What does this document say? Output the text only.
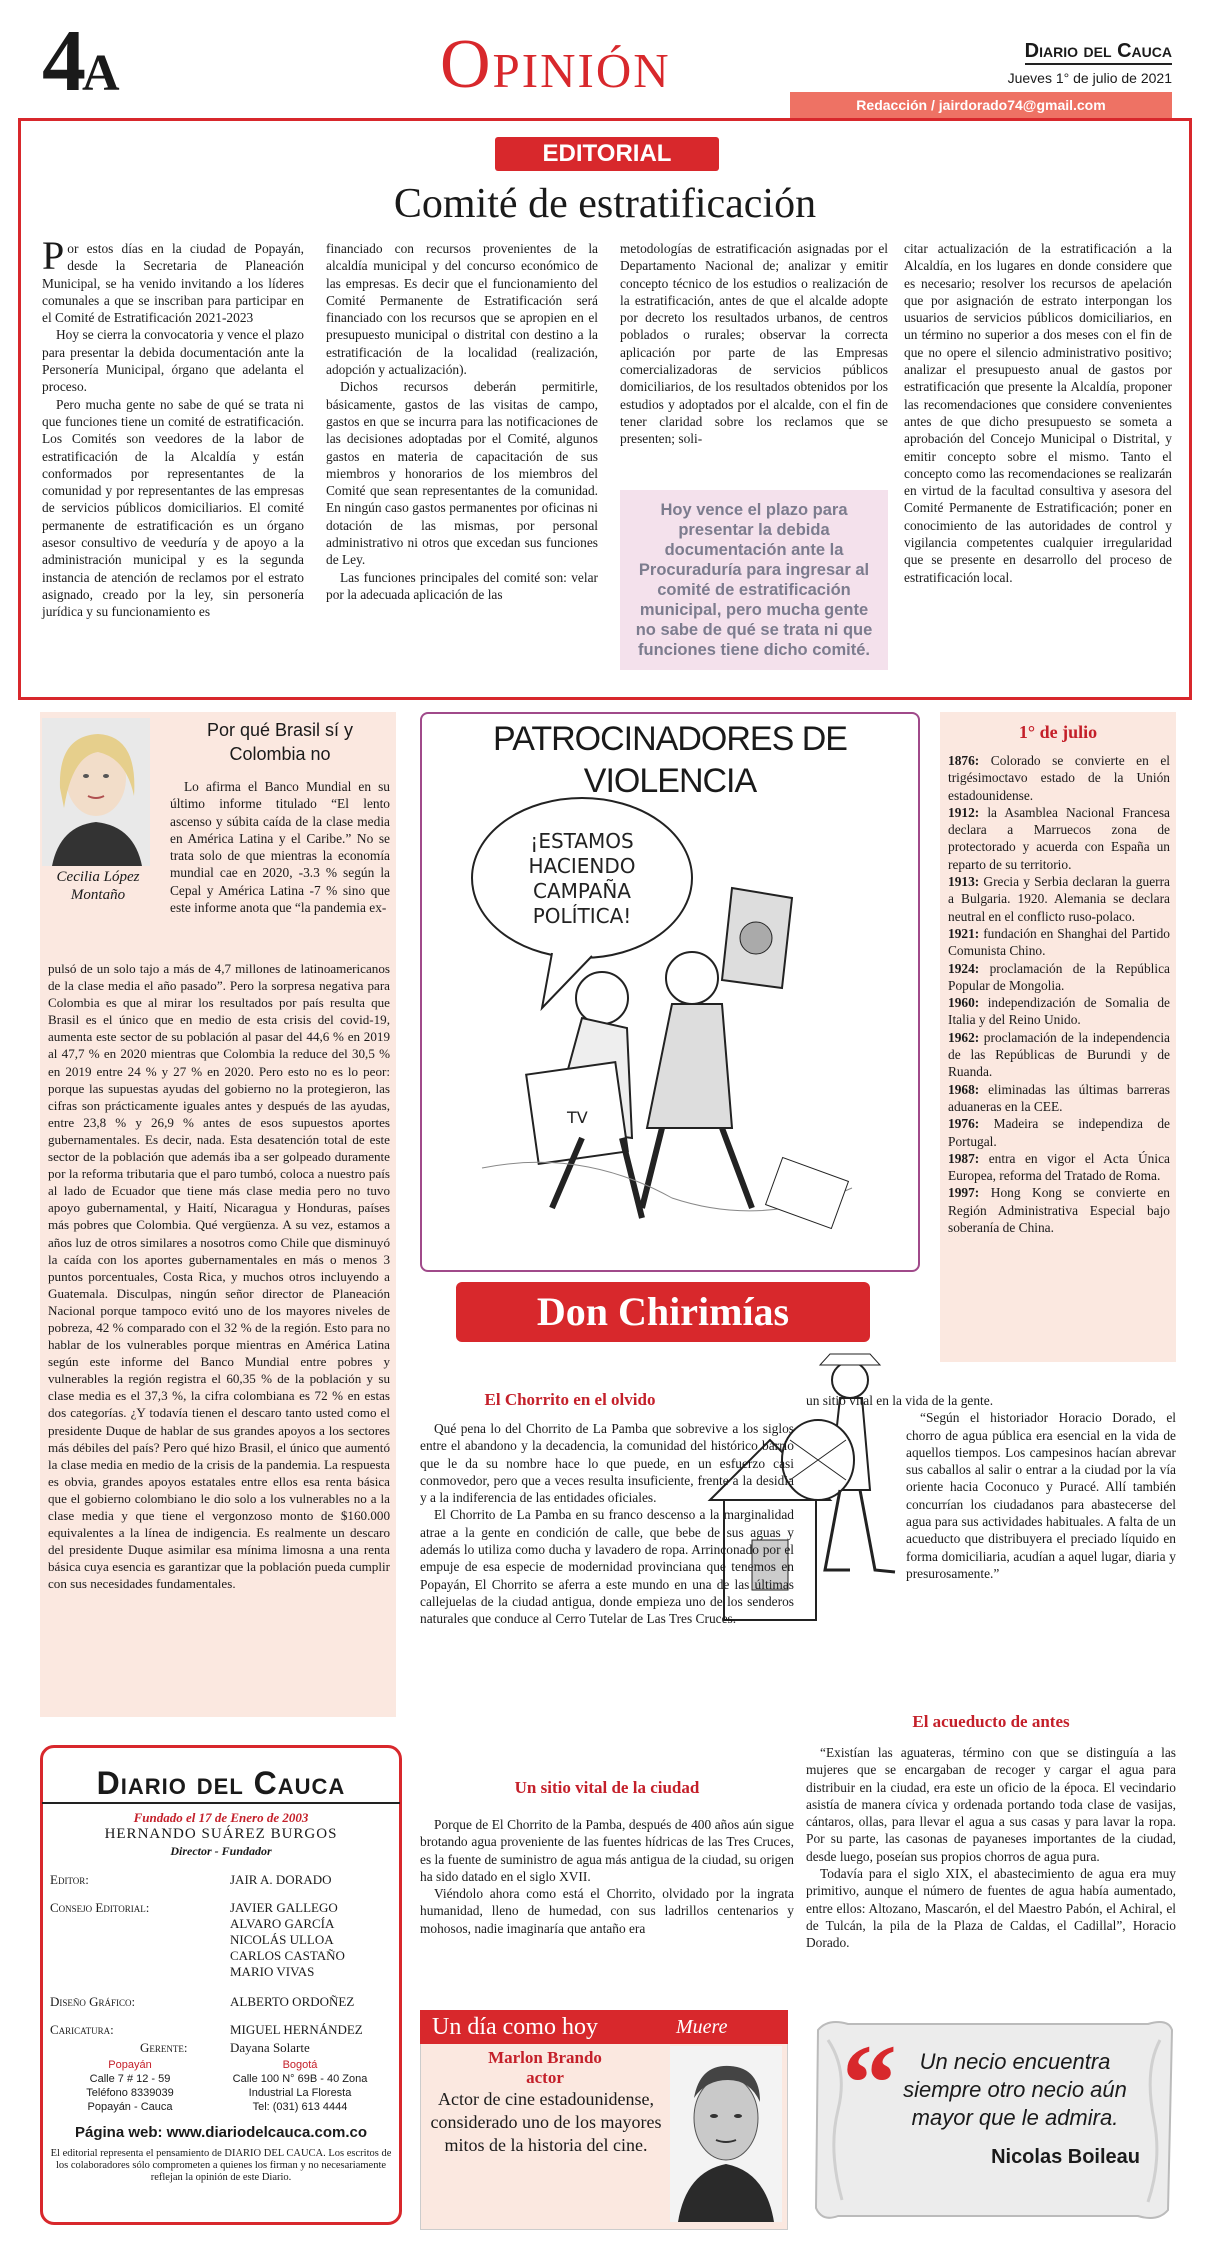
4A	Opinión	Diario del Cauca
Jueves 1° de julio de 2021
Redacción / jairdorado74@gmail.com
EDITORIAL
Comité de estratificación

Por estos días en la ciudad de Popayán, desde la Secretaria de Planeación Municipal, se ha venido invitando a los líderes comunales a que se inscriban para participar en el Comité de Estratificación 2021-2023

Hoy se cierra la convocatoria y vence el plazo para presentar la debida documentación ante la Personería Municipal, órgano que adelanta el proceso.

Pero mucha gente no sabe de qué se trata ni que funciones tiene un comité de estratificación. Los Comités son veedores de la labor de estratificación de la Alcaldía y están conformados por representantes de la comunidad y por representantes de las empresas de servicios públicos domiciliarios. El comité permanente de estratificación es un órgano asesor consultivo de veeduría y de apoyo a la administración municipal y es la segunda instancia de atención de reclamos por el estrato asignado, creado por la ley, sin personería jurídica y su funcionamiento es

financiado con recursos provenientes de la alcaldía municipal y del concurso económico de las empresas. Es decir que el funcionamiento del Comité Permanente de Estratificación será financiado con los recursos que se apropien en el presupuesto municipal o distrital con destino a la estratificación de la localidad (realización, adopción y actualización).

Dichos recursos deberán permitirle, básicamente, gastos de las visitas de campo, gastos en que se incurra para las notificaciones de las decisiones adoptadas por el Comité, algunos gastos en materia de capacitación de sus miembros y honorarios de los miembros del Comité que sean representantes de la comunidad. En ningún caso gastos permanentes por oficinas ni dotación de las mismas, por personal administrativo ni otros que excedan sus funciones de Ley.

Las funciones principales del comité son: velar por la adecuada aplicación de las

metodologías de estratificación asignadas por el Departamento Nacional de; analizar y emitir concepto técnico de los estudios o realización de la estratificación, antes de que el alcalde adopte por decreto los resultados urbanos, de centros poblados o rurales; observar la correcta aplicación por parte de las Empresas comercializadoras de servicios públicos domiciliarios, de los resultados obtenidos por los estudios y adoptados por el alcalde, con el fin de tener claridad sobre los reclamos que se presenten; soli-

citar actualización de la estratificación a la Alcaldía, en los lugares en donde considere que es necesario; resolver los recursos de apelación que por asignación de estrato interpongan los usuarios de servicios públicos domiciliarios, en un término no superior a dos meses con el fin de que no opere el silencio administrativo positivo; analizar el presupuesto anual de gastos por estratificación que presente la Alcaldía, proponer las recomendaciones que considere convenientes antes de que dicho presupuesto se someta a aprobación del Concejo Municipal o Distrital, y emitir concepto sobre el mismo. Tanto el concepto como las recomendaciones se realizarán en virtud de la facultad consultiva y asesora del Comité Permanente de Estratificación; poner en conocimiento de las autoridades de control y vigilancia competentes cualquier irregularidad que se presente en desarrollo del proceso de estratificación local.

Hoy vence el plazo para presentar la debida documentación ante la Procuraduría para ingresar al comité de estratificación municipal, pero mucha gente no sabe de qué se trata ni que funciones tiene dicho comité.
Cecilia López Montaño
Por qué Brasil sí y Colombia no

Lo afirma el Banco Mundial en su último informe titulado “El lento ascenso y súbita caída de la clase media en América Latina y el Caribe.” No se trata solo de que mientras la economía mundial cae en 2020, -3.3 % según la Cepal y América Latina -7 % sino que este informe anota que “la pandemia ex-

pulsó de un solo tajo a más de 4,7 millones de latinoamericanos de la clase media el año pasado”. Pero la sorpresa negativa para Colombia es que al mirar los resultados por país resulta que Brasil es el único que en medio de esta crisis del covid-19, aumenta este sector de su población al pasar del 44,6 % en 2019 al 47,7 % en 2020 mientras que Colombia la reduce del 30,5 % en 2019 entre 24 % y 27 % en 2020. Pero esto no es lo peor: porque las supuestas ayudas del gobierno no la protegieron, las cifras son prácticamente iguales antes y después de las ayudas, entre 23,8 % y 26,9 % antes de esos supuestos aportes gubernamentales. Es decir, nada. Esta desatención total de este sector de la población que además iba a ser golpeado duramente por la reforma tributaria que el paro tumbó, coloca a nuestro país al lado de Ecuador que tiene más clase media pero no tuvo apoyo gubernamental, y Haití, Nicaragua y Honduras, países más pobres que Colombia. Qué vergüenza. A su vez, estamos a años luz de otros similares a nosotros como Chile que disminuyó la caída con los aportes gubernamentales en más o menos 3 puntos porcentuales, Costa Rica, y muchos otros incluyendo a Guatemala. Disculpas, ningún señor director de Planeación Nacional porque tampoco evitó uno de los mayores niveles de pobreza, 42 % comparado con el 32 % de la región. Esto para no hablar de los vulnerables porque mientras en América Latina según este informe del Banco Mundial entre pobres y vulnerables la región registra el 60,35 % de la población y su clase media es el 37,3 %, la cifra colombiana es 72 % en estas dos categorías. ¿Y todavía tienen el descaro tanto usted como el presidente Duque de hablar de sus grandes apoyos a los sectores más débiles del país? Pero qué hizo Brasil, el único que aumentó la clase media en medio de la crisis de la pandemia. La respuesta es obvia, grandes apoyos estatales entre ellos esa renta básica que el gobierno colombiano le dio solo a los vulnerables no a la clase media y que tiene el vergonzoso monto de $160.000 equivalentes a la línea de indigencia. Es realmente un descaro del presidente Duque asimilar esa mínima limosna a una renta básica cuya esencia es garantizar que la población pueda cumplir con sus necesidades fundamentales.

PATROCINADORES DE VIOLENCIA
¡ESTAMOS
HACIENDO
CAMPAÑA
POLÍTICA!
TV
1° de julio

1876: Colorado se convierte en el trigésimoctavo estado de la Unión estadounidense.

1912: la Asamblea Nacional Francesa declara a Marruecos zona de protectorado y acuerda con España un reparto de su territorio.

1913: Grecia y Serbia declaran la guerra a Bulgaria. 1920. Alemania se declara neutral en el conflicto ruso-polaco.

1921: fundación en Shanghai del Partido Comunista Chino.

1924: proclamación de la República Popular de Mongolia.

1960: independización de Somalia de Italia y del Reino Unido.

1962: proclamación de la independencia de las Repúblicas de Burundi y de Ruanda.

1968: eliminadas las últimas barreras aduaneras en la CEE.

1976: Madeira se independiza de Portugal.

1987: entra en vigor el Acta Única Europea, reforma del Tratado de Roma.

1997: Hong Kong se convierte en Región Administrativa Especial bajo soberanía de China.

Don Chirimías
El Chorrito en el olvido

Qué pena lo del Chorrito de La Pamba que sobrevive a los siglos entre el abandono y la decadencia, la comunidad del histórico barrio que le da su nombre hace lo que puede, en un esfuerzo casi conmovedor, pero que a veces resulta insuficiente, frente a la desidia y a la indiferencia de las entidades oficiales.

El Chorrito de La Pamba en su franco descenso a la marginalidad atrae a la gente en condición de calle, que bebe de sus aguas y además lo utiliza como ducha y lavadero de ropa. Arrinconado por el empuje de esa especie de modernidad provinciana que tenemos en Popayán, El Chorrito se aferra a este mundo en una de las últimas callejuelas de la ciudad antigua, donde empieza uno de los senderos naturales que conduce al Cerro Tutelar de Las Tres Cruces.

Un sitio vital de la ciudad

Porque de El Chorrito de la Pamba, después de 400 años aún sigue brotando agua proveniente de las fuentes hídricas de las Tres Cruces, es la fuente de suministro de agua más antigua de la ciudad, su origen ha sido datado en el siglo XVII.

Viéndolo ahora como está el Chorrito, olvidado por la ingrata humanidad, lleno de humedad, con sus ladrillos centenarios y mohosos, nadie imaginaría que antaño era

un sitio vital en la vida de la gente.

“Según el historiador Horacio Dorado, el chorro de agua pública era esencial en la vida de aquellos tiempos. Los campesinos hacían abrevar sus caballos al salir o entrar a la ciudad por la vía oriente hacia Coconuco y Puracé. Allí también concurrían los ciudadanos para abastecerse del agua para sus actividades habituales. A falta de un acueducto que distribuyera el preciado líquido en forma domiciliaria, acudían a aquel lugar, diaria y presurosamente.”

El acueducto de antes

“Existían las aguateras, término con que se distinguía a las mujeres que se encargaban de recoger y cargar el agua para distribuir en la ciudad, era este un oficio de la época. El vecindario asistía de manera cívica y ordenada portando toda clase de vasijas, cántaros, ollas, para llevar el agua a sus casas y para lavar la ropa. Por su parte, las casonas de payaneses importantes de la ciudad, desde luego, poseían sus propios chorros de agua pura.

Todavía para el siglo XIX, el abastecimiento de agua era muy primitivo, aunque el número de fuentes de agua había aumentado, entre ellos: Altozano, Mascarón, el del Maestro Pabón, el Achiral, el de Tulcán, la pila de la Plaza de Caldas, el Cadillal”, Horacio Dorado.

Diario del Cauca
Fundado el 17 de Enero de 2003
HERNANDO SUÁREZ BURGOS
Director - Fundador
Editor:	JAIR A. DORADO
Consejo Editorial:	JAVIER GALLEGO
ALVARO GARCÍA
NICOLÁS ULLOA
CARLOS CASTAÑO
MARIO VIVAS
Diseño Gráfico:	ALBERTO ORDOÑEZ
Caricatura:	MIGUEL HERNÁNDEZ
Gerente:	Dayana Solarte
Popayán
Calle 7 # 12 - 59
Teléfono 8339039
Popayán - Cauca
Bogotá
Calle 100 N° 69B - 40 Zona
Industrial La Floresta
Tel: (031) 613 4444
Página web: www.diariodelcauca.com.co
El editorial representa el pensamiento de DIARIO DEL CAUCA. Los escritos de los colaboradores sólo comprometen a quienes los firman y no necesariamente reflejan la opinión de este Diario.
Un día como hoy	Muere
Marlon Brando
actor
Actor de cine estadounidense, considerado uno de los mayores mitos de la historia del cine.
“	Un necio encuentra siempre otro necio aún mayor que le admira.
Nicolas Boileau
